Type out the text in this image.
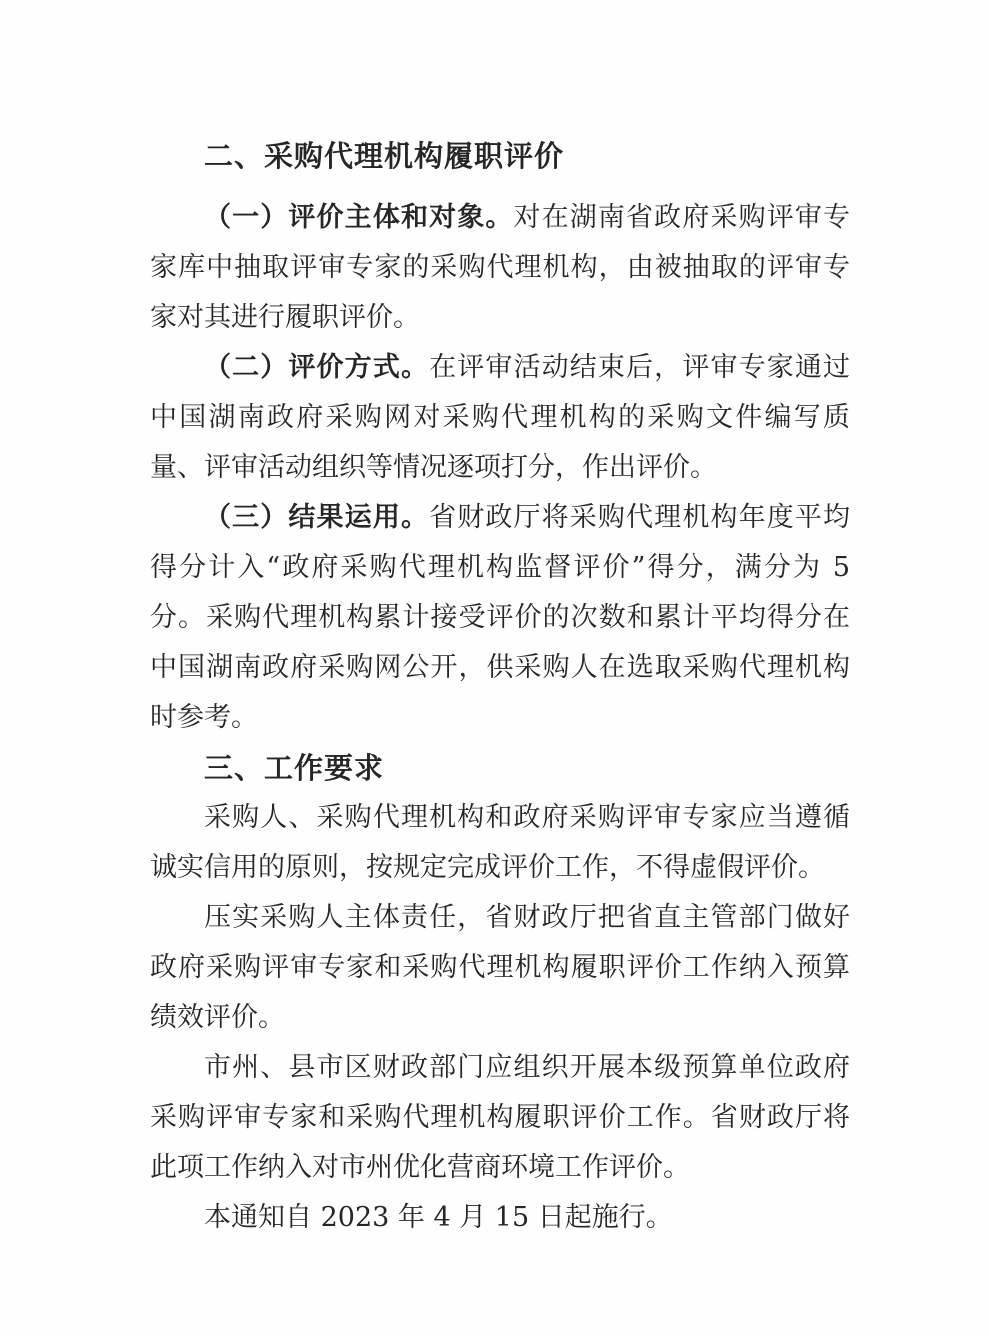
二、采购代理机构履职评价

（一）评价主体和对象。对在湖南省政府采购评审专家库中抽取评审专家的采购代理机构，由被抽取的评审专家对其进行履职评价。

（二）评价方式。在评审活动结束后，评审专家通过中国湖南政府采购网对采购代理机构的采购文件编写质量、评审活动组织等情况逐项打分，作出评价。

（三）结果运用。省财政厅将采购代理机构年度平均得分计入“政府采购代理机构监督评价”得分，满分为 5 分。采购代理机构累计接受评价的次数和累计平均得分在中国湖南政府采购网公开，供采购人在选取采购代理机构时参考。

三、工作要求

采购人、采购代理机构和政府采购评审专家应当遵循诚实信用的原则，按规定完成评价工作，不得虚假评价。

压实采购人主体责任，省财政厅把省直主管部门做好政府采购评审专家和采购代理机构履职评价工作纳入预算绩效评价。

市州、县市区财政部门应组织开展本级预算单位政府采购评审专家和采购代理机构履职评价工作。省财政厅将此项工作纳入对市州优化营商环境工作评价。

本通知自 2023 年 4 月 15 日起施行。
